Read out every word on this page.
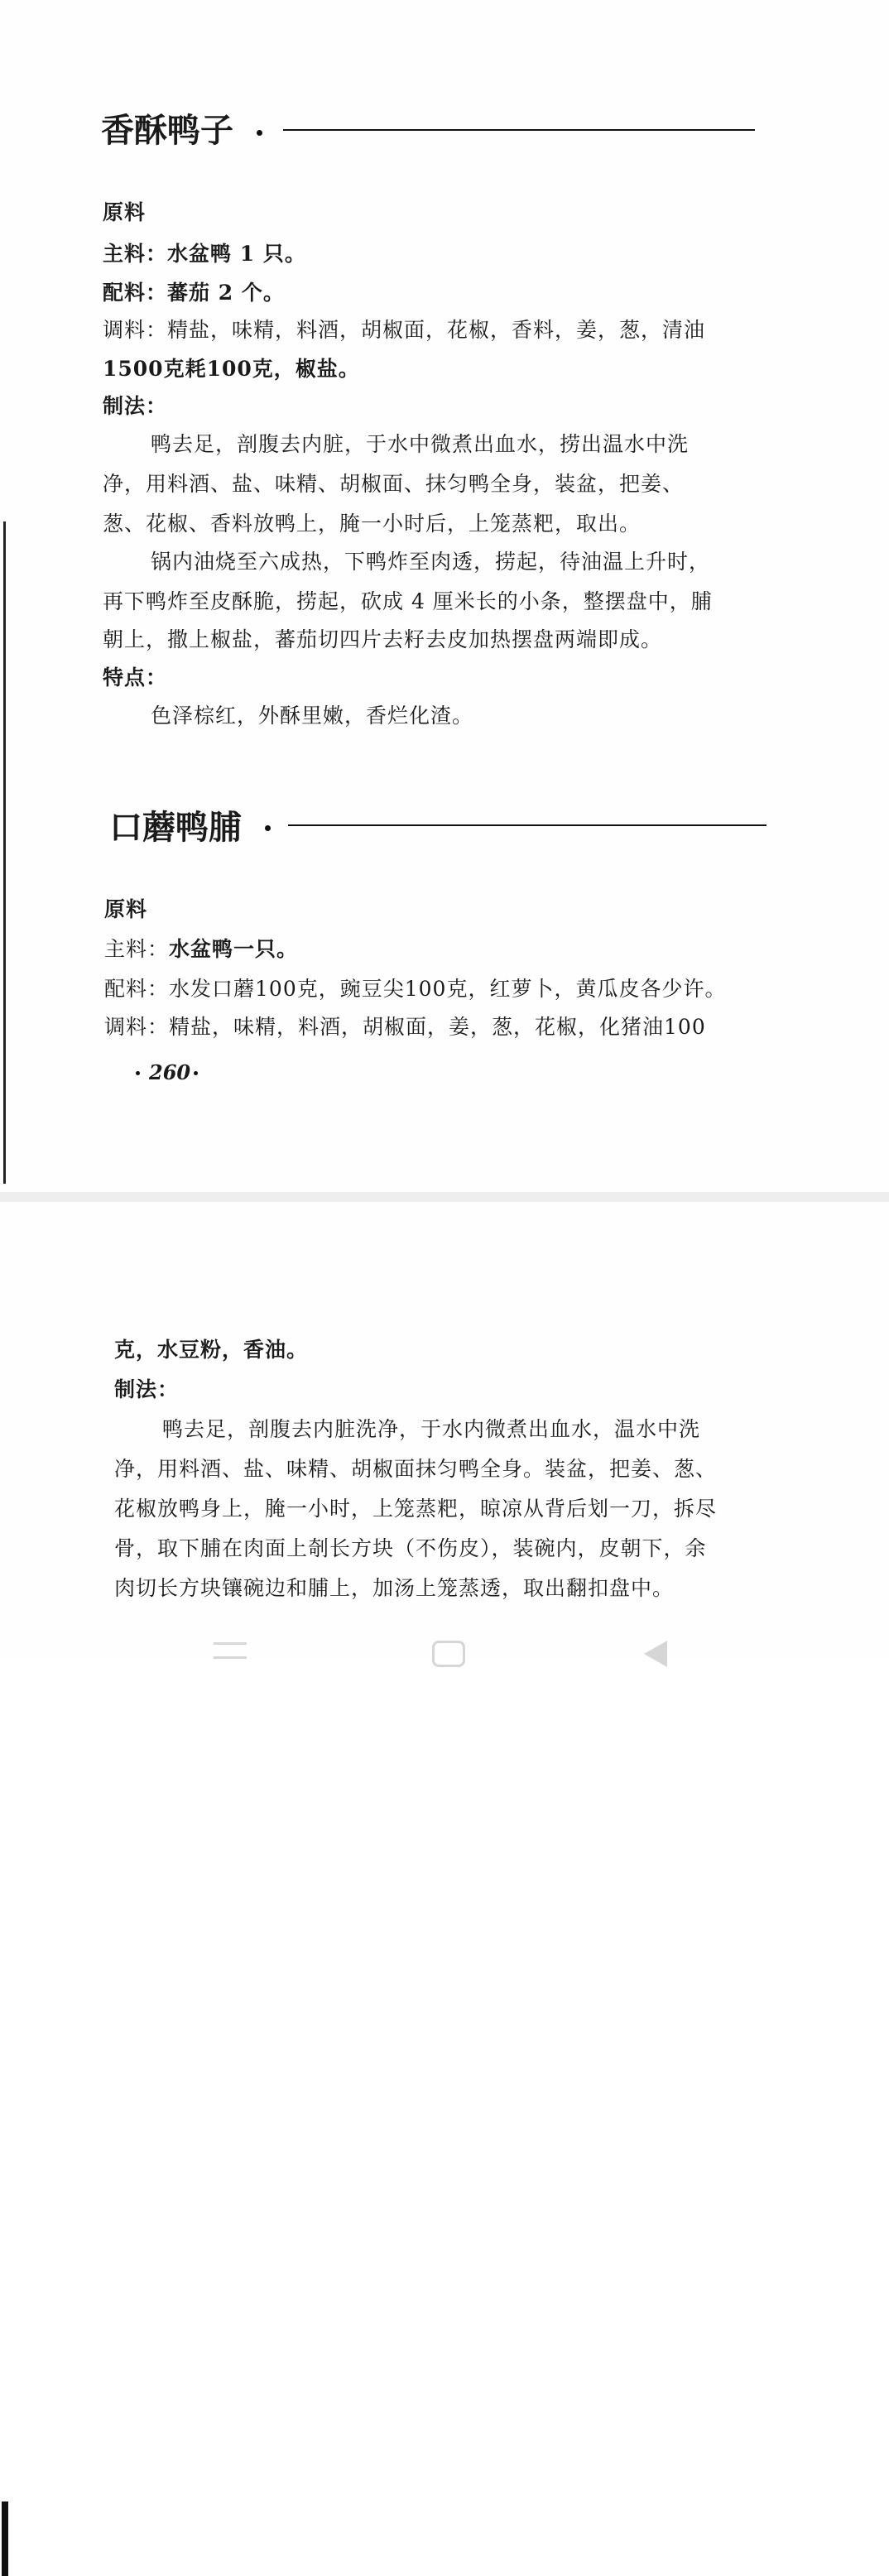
香酥鸭子
原料
主料：水盆鸭 1 只。
配料：蕃茄 2 个。
调料：精盐，味精，料酒，胡椒面，花椒，香料，姜，葱，清油
1500克耗100克，椒盐。
制法：
鸭去足，剖腹去内脏，于水中微煮出血水，捞出温水中洗
净，用料酒、盐、味精、胡椒面、抹匀鸭全身，装盆，把姜、
葱、花椒、香料放鸭上，腌一小时后，上笼蒸粑，取出。
锅内油烧至六成热，下鸭炸至肉透，捞起，待油温上升时，
再下鸭炸至皮酥脆，捞起，砍成 4 厘米长的小条，整摆盘中，脯
朝上，撒上椒盐，蕃茄切四片去籽去皮加热摆盘两端即成。
特点：
色泽棕红，外酥里嫩，香烂化渣。
口蘑鸭脯
原料
主料：水盆鸭一只。
配料：水发口蘑100克，豌豆尖100克，红萝卜，黄瓜皮各少许。
调料：精盐，味精，料酒，胡椒面，姜，葱，花椒，化猪油100
260
克，水豆粉，香油。
制法：
鸭去足，剖腹去内脏洗净，于水内微煮出血水，温水中洗
净，用料酒、盐、味精、胡椒面抹匀鸭全身。装盆，把姜、葱、
花椒放鸭身上，腌一小时，上笼蒸粑，晾凉从背后划一刀，拆尽
骨，取下脯在肉面上剞长方块（不伤皮），装碗内，皮朝下，余
肉切长方块镶碗边和脯上，加汤上笼蒸透，取出翻扣盘中。
